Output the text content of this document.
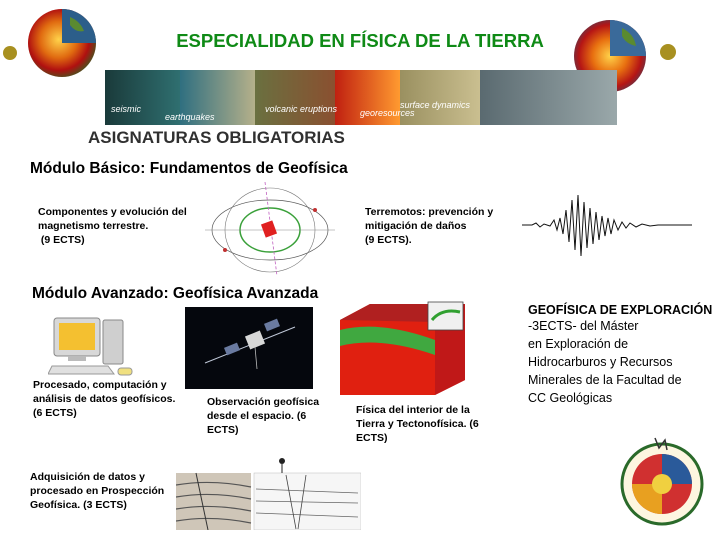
ESPECIALIDAD EN FÍSICA DE LA TIERRA
seismic
earthquakes
volcanic eruptions	georesources
surface dynamics
ASIGNATURAS OBLIGATORIAS
Módulo Básico: Fundamentos de Geofísica
Componentes y evolución del
magnetismo terrestre.
(9 ECTS)
Terremotos: prevención y
mitigación de daños
(9 ECTS).
Módulo Avanzado: Geofísica Avanzada
Procesado, computación y
análisis de datos geofísicos.
(6 ECTS)
Observación geofísica
desde el espacio. (6
ECTS)
Física del interior de la
Tierra y Tectonofísica. (6
ECTS)
Adquisición de datos y
procesado en Prospección
Geofísica. (3 ECTS)
GEOFÍSICA DE EXPLORACIÓN
-3ECTS- del Máster
en Exploración de
Hidrocarburos y Recursos
Minerales de la Facultad de
CC Geológicas
